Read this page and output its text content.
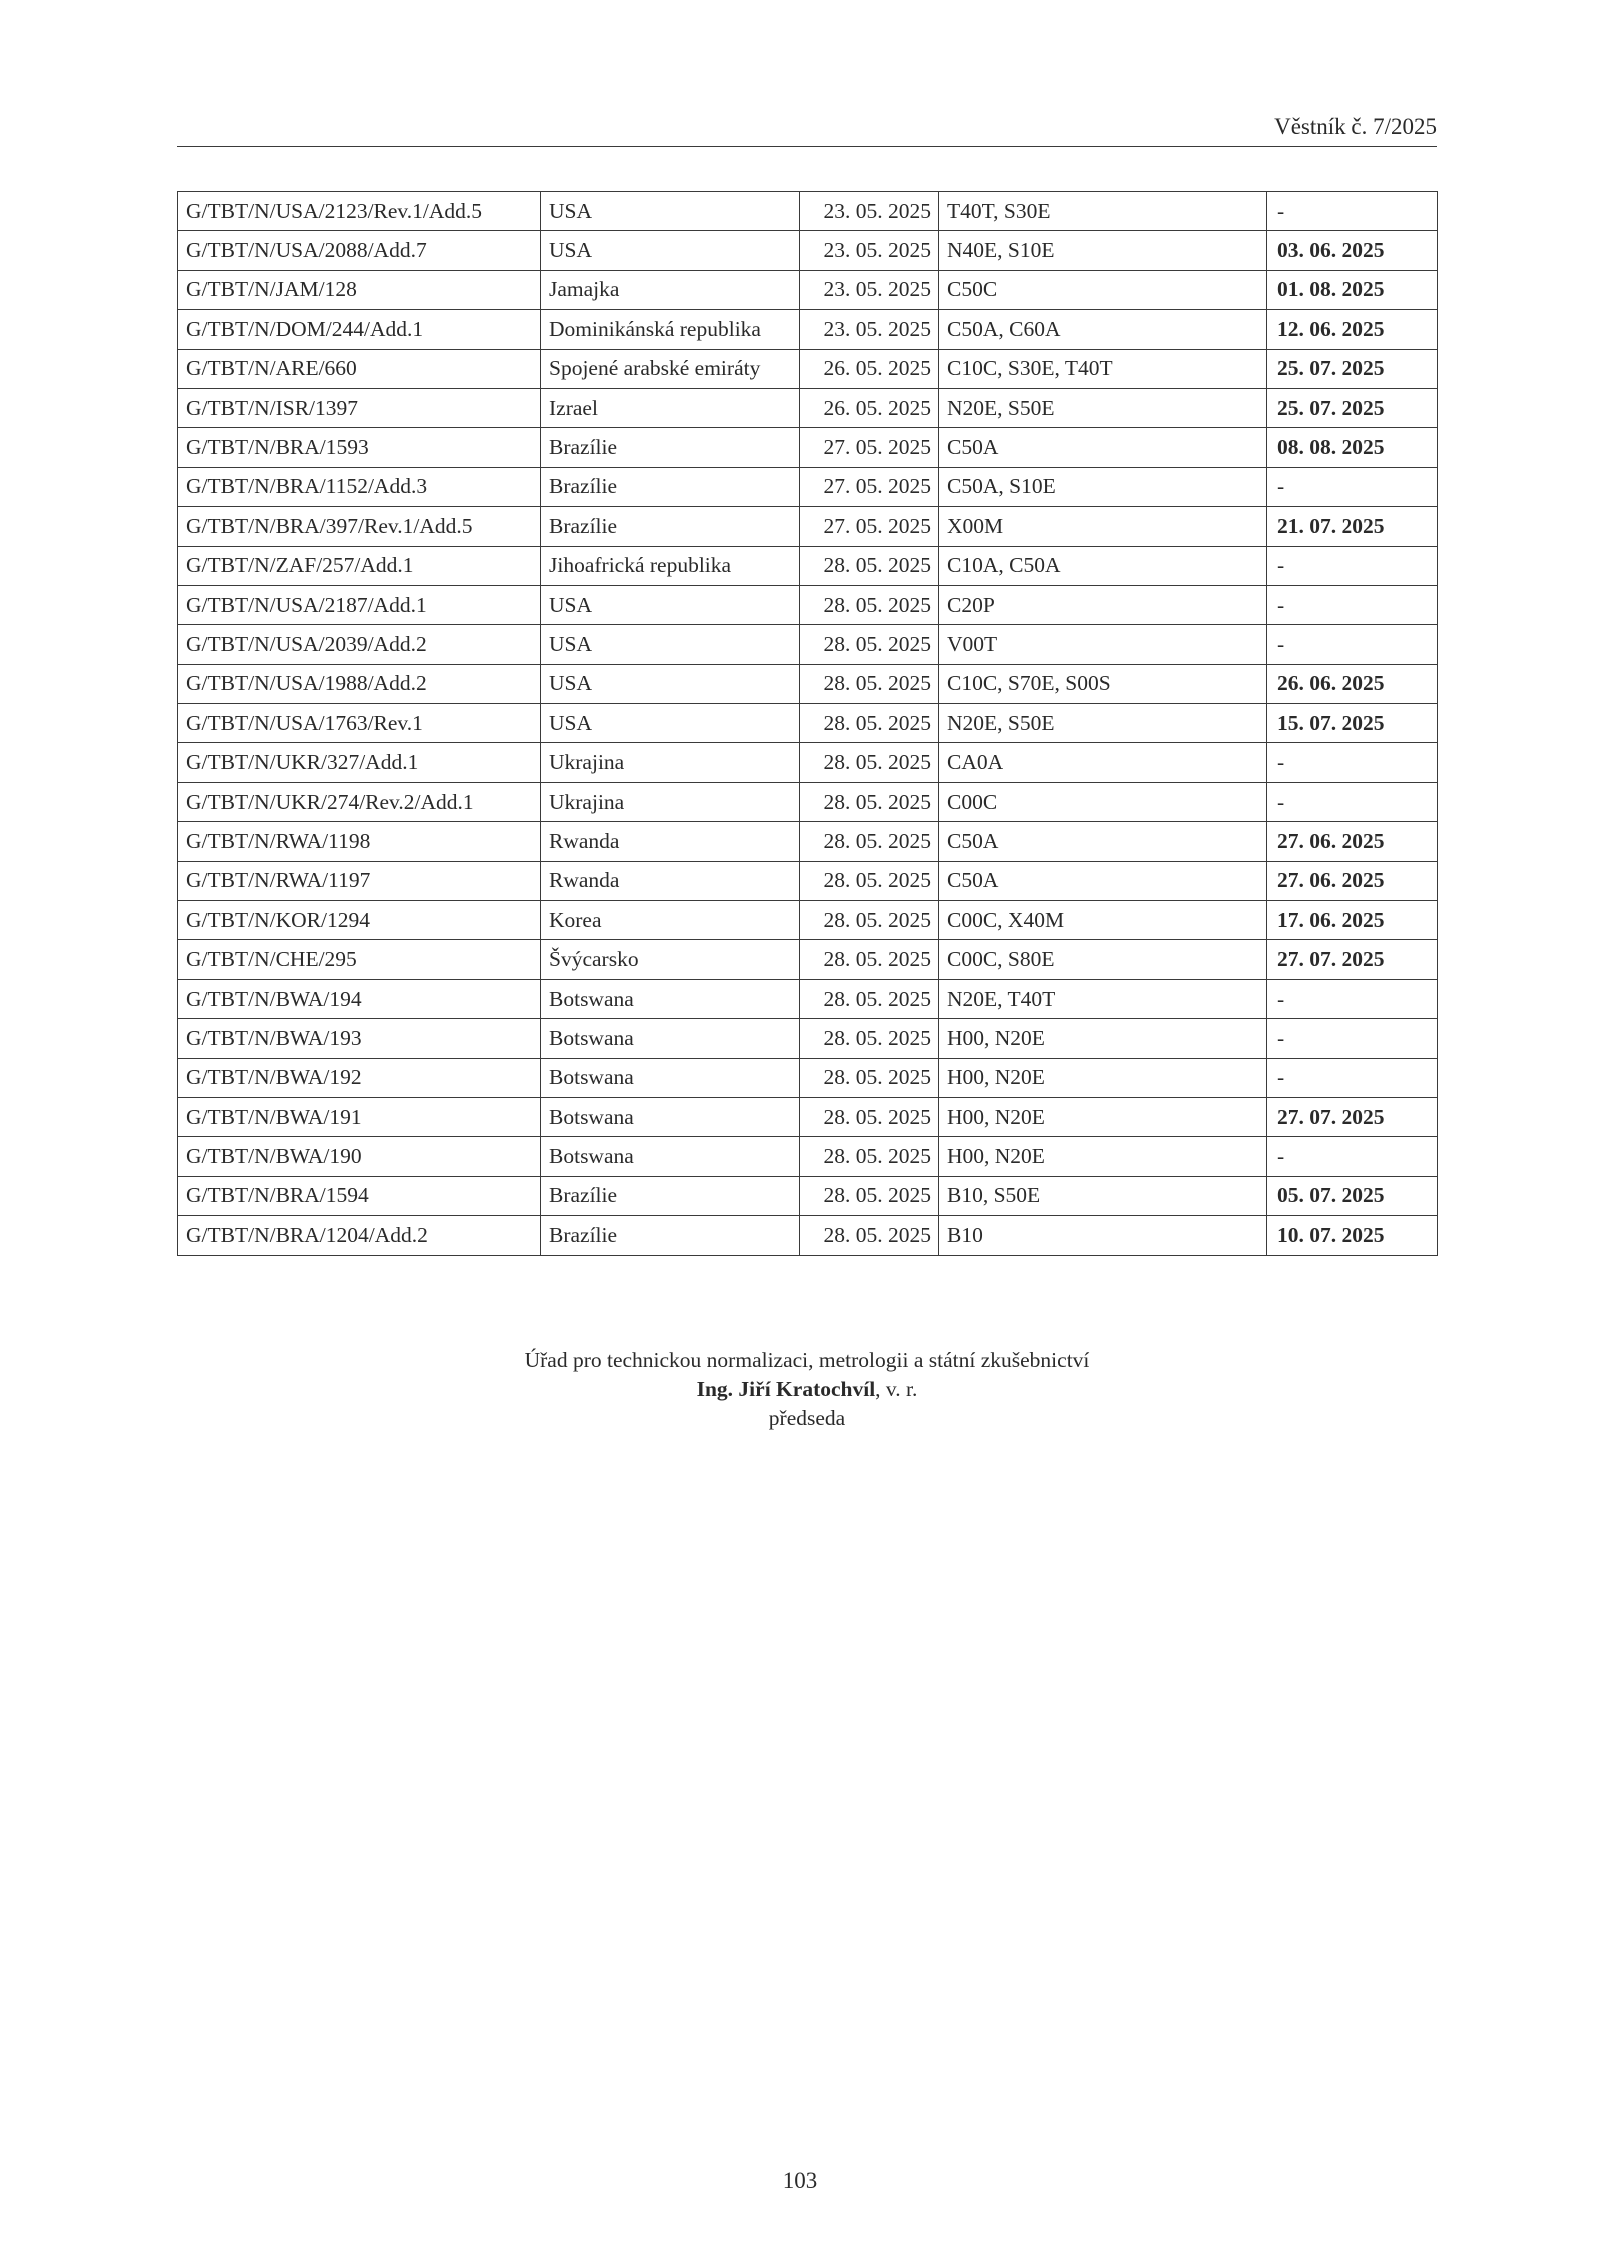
Věstník č. 7/2025
G/TBT/N/USA/2123/Rev.1/Add.5	USA	23. 05. 2025	T40T, S30E	-
G/TBT/N/USA/2088/Add.7	USA	23. 05. 2025	N40E, S10E	03. 06. 2025
G/TBT/N/JAM/128	Jamajka	23. 05. 2025	C50C	01. 08. 2025
G/TBT/N/DOM/244/Add.1	Dominikánská republika	23. 05. 2025	C50A, C60A	12. 06. 2025
G/TBT/N/ARE/660	Spojené arabské emiráty	26. 05. 2025	C10C, S30E, T40T	25. 07. 2025
G/TBT/N/ISR/1397	Izrael	26. 05. 2025	N20E, S50E	25. 07. 2025
G/TBT/N/BRA/1593	Brazílie	27. 05. 2025	C50A	08. 08. 2025
G/TBT/N/BRA/1152/Add.3	Brazílie	27. 05. 2025	C50A, S10E	-
G/TBT/N/BRA/397/Rev.1/Add.5	Brazílie	27. 05. 2025	X00M	21. 07. 2025
G/TBT/N/ZAF/257/Add.1	Jihoafrická republika	28. 05. 2025	C10A, C50A	-
G/TBT/N/USA/2187/Add.1	USA	28. 05. 2025	C20P	-
G/TBT/N/USA/2039/Add.2	USA	28. 05. 2025	V00T	-
G/TBT/N/USA/1988/Add.2	USA	28. 05. 2025	C10C, S70E, S00S	26. 06. 2025
G/TBT/N/USA/1763/Rev.1	USA	28. 05. 2025	N20E, S50E	15. 07. 2025
G/TBT/N/UKR/327/Add.1	Ukrajina	28. 05. 2025	CA0A	-
G/TBT/N/UKR/274/Rev.2/Add.1	Ukrajina	28. 05. 2025	C00C	-
G/TBT/N/RWA/1198	Rwanda	28. 05. 2025	C50A	27. 06. 2025
G/TBT/N/RWA/1197	Rwanda	28. 05. 2025	C50A	27. 06. 2025
G/TBT/N/KOR/1294	Korea	28. 05. 2025	C00C, X40M	17. 06. 2025
G/TBT/N/CHE/295	Švýcarsko	28. 05. 2025	C00C, S80E	27. 07. 2025
G/TBT/N/BWA/194	Botswana	28. 05. 2025	N20E, T40T	-
G/TBT/N/BWA/193	Botswana	28. 05. 2025	H00, N20E	-
G/TBT/N/BWA/192	Botswana	28. 05. 2025	H00, N20E	-
G/TBT/N/BWA/191	Botswana	28. 05. 2025	H00, N20E	27. 07. 2025
G/TBT/N/BWA/190	Botswana	28. 05. 2025	H00, N20E	-
G/TBT/N/BRA/1594	Brazílie	28. 05. 2025	B10, S50E	05. 07. 2025
G/TBT/N/BRA/1204/Add.2	Brazílie	28. 05. 2025	B10	10. 07. 2025
Úřad pro technickou normalizaci, metrologii a státní zkušebnictví
Ing. Jiří Kratochvíl, v. r.
předseda
103
